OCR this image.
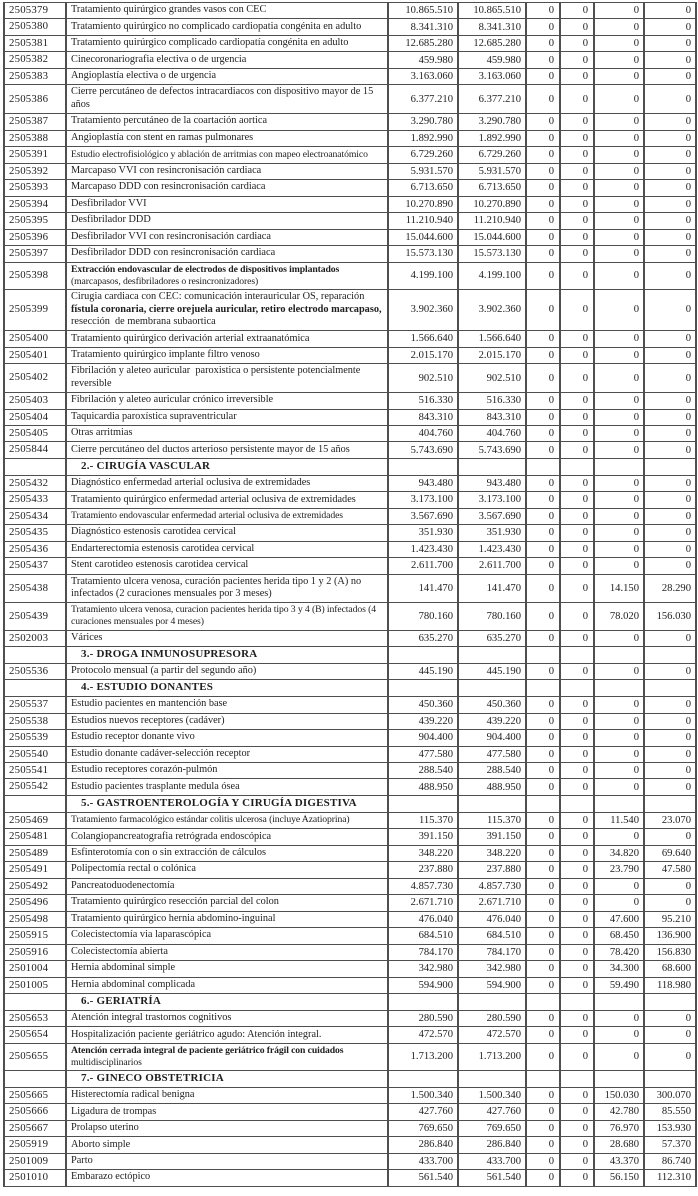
2505379	Tratamiento quirúrgico grandes vasos con CEC	10.865.510	10.865.510	0	0	0	0
2505380	Tratamiento quirúrgico no complicado cardiopatia congénita en adulto	8.341.310	8.341.310	0	0	0	0
2505381	Tratamiento quirúrgico complicado cardiopatía congénita en adulto	12.685.280	12.685.280	0	0	0	0
2505382	Cinecoronariografia electiva o de urgencia	459.980	459.980	0	0	0	0
2505383	Angioplastía electiva o de urgencia	3.163.060	3.163.060	0	0	0	0
2505386	Cierre percutáneo de defectos intracardiacos con dispositivo mayor de 15 años	6.377.210	6.377.210	0	0	0	0
2505387	Tratamiento percutáneo de la coartación aortica	3.290.780	3.290.780	0	0	0	0
2505388	Angioplastía con stent en ramas pulmonares	1.892.990	1.892.990	0	0	0	0
2505391	Estudio electrofisiológico y ablación de arritmias con mapeo electroanatómico	6.729.260	6.729.260	0	0	0	0
2505392	Marcapaso VVI con resincronisación cardiaca	5.931.570	5.931.570	0	0	0	0
2505393	Marcapaso DDD con resincronisación cardiaca	6.713.650	6.713.650	0	0	0	0
2505394	Desfibrilador VVI	10.270.890	10.270.890	0	0	0	0
2505395	Desfibrilador DDD	11.210.940	11.210.940	0	0	0	0
2505396	Desfibrilador VVI con resincronisación cardiaca	15.044.600	15.044.600	0	0	0	0
2505397	Desfibrilador DDD con resincronisación cardiaca	15.573.130	15.573.130	0	0	0	0
2505398	Extracción endovascular de electrodos de dispositivos implantados (marcapasos, desfibriladores o resincronizadores)	4.199.100	4.199.100	0	0	0	0
2505399	Cirugia cardiaca con CEC: comunicación interauricular OS, reparación fístula coronaria, cierre orejuela auricular, retiro electrodo marcapaso, resección  de membrana subaortica	3.902.360	3.902.360	0	0	0	0
2505400	Tratamiento quirúrgico derivación arterial extraanatómica	1.566.640	1.566.640	0	0	0	0
2505401	Tratamiento quirúrgico implante filtro venoso	2.015.170	2.015.170	0	0	0	0
2505402	Fibrilación y aleteo auricular  paroxistica o persistente potencialmente reversible	902.510	902.510	0	0	0	0
2505403	Fibrilación y aleteo auricular crónico irreversible	516.330	516.330	0	0	0	0
2505404	Taquicardia paroxística supraventricular	843.310	843.310	0	0	0	0
2505405	Otras arritmias	404.760	404.760	0	0	0	0
2505844	Cierre percutáneo del ductos arterioso persistente mayor de 15 años	5.743.690	5.743.690	0	0	0	0
	2.- CIRUGÍA VASCULAR						
2505432	Diagnóstico enfermedad arterial oclusiva de extremidades	943.480	943.480	0	0	0	0
2505433	Tratamiento quirúrgico enfermedad arterial oclusiva de extremidades	3.173.100	3.173.100	0	0	0	0
2505434	Tratamiento endovascular enfermedad arterial oclusiva de extremidades	3.567.690	3.567.690	0	0	0	0
2505435	Diagnóstico estenosis carotidea cervical	351.930	351.930	0	0	0	0
2505436	Endarterectomia estenosis carotidea cervical	1.423.430	1.423.430	0	0	0	0
2505437	Stent carotideo estenosis carotidea cervical	2.611.700	2.611.700	0	0	0	0
2505438	Tratamiento ulcera venosa, curación pacientes herida tipo 1 y 2 (A) no infectados (2 curaciones mensuales por 3 meses)	141.470	141.470	0	0	14.150	28.290
2505439	Tratamiento ulcera venosa, curacion pacientes herida tipo 3 y 4 (B) infectados (4 curaciones mensuales por 4 meses)	780.160	780.160	0	0	78.020	156.030
2502003	Várices	635.270	635.270	0	0	0	0
	3.- DROGA INMUNOSUPRESORA						
2505536	Protocolo mensual (a partir del segundo año)	445.190	445.190	0	0	0	0
	4.- ESTUDIO DONANTES						
2505537	Estudio pacientes en mantención base	450.360	450.360	0	0	0	0
2505538	Estudios nuevos receptores (cadáver)	439.220	439.220	0	0	0	0
2505539	Estudio receptor donante vivo	904.400	904.400	0	0	0	0
2505540	Estudio donante cadáver-selección receptor	477.580	477.580	0	0	0	0
2505541	Estudio receptores corazón-pulmón	288.540	288.540	0	0	0	0
2505542	Estudio pacientes trasplante medula ósea	488.950	488.950	0	0	0	0
	5.- GASTROENTEROLOGÍA Y CIRUGÍA DIGESTIVA						
2505469	Tratamiento farmacológico estándar colitis ulcerosa (incluye Azatioprina)	115.370	115.370	0	0	11.540	23.070
2505481	Colangiopancreatografia retrógrada endoscópica	391.150	391.150	0	0	0	0
2505489	Esfinterotomía con o sin extracción de cálculos	348.220	348.220	0	0	34.820	69.640
2505491	Polipectomía rectal o colónica	237.880	237.880	0	0	23.790	47.580
2505492	Pancreatoduodenectomía	4.857.730	4.857.730	0	0	0	0
2505496	Tratamiento quirúrgico resección parcial del colon	2.671.710	2.671.710	0	0	0	0
2505498	Tratamiento quirúrgico hernia abdomino-inguinal	476.040	476.040	0	0	47.600	95.210
2505915	Colecistectomía via laparascópica	684.510	684.510	0	0	68.450	136.900
2505916	Colecistectomía abierta	784.170	784.170	0	0	78.420	156.830
2501004	Hernia abdominal simple	342.980	342.980	0	0	34.300	68.600
2501005	Hernia abdominal complicada	594.900	594.900	0	0	59.490	118.980
	6.- GERIATRÍA						
2505653	Atención integral trastornos cognitivos	280.590	280.590	0	0	0	0
2505654	Hospitalización paciente geriátrico agudo: Atención integral.	472.570	472.570	0	0	0	0
2505655	Atención cerrada integral de paciente geriátrico frágil con cuidados multidisciplinarios	1.713.200	1.713.200	0	0	0	0
	7.- GINECO OBSTETRICIA						
2505665	Histerectomía radical benigna	1.500.340	1.500.340	0	0	150.030	300.070
2505666	Ligadura de trompas	427.760	427.760	0	0	42.780	85.550
2505667	Prolapso uterino	769.650	769.650	0	0	76.970	153.930
2505919	Aborto simple	286.840	286.840	0	0	28.680	57.370
2501009	Parto	433.700	433.700	0	0	43.370	86.740
2501010	Embarazo ectópico	561.540	561.540	0	0	56.150	112.310
